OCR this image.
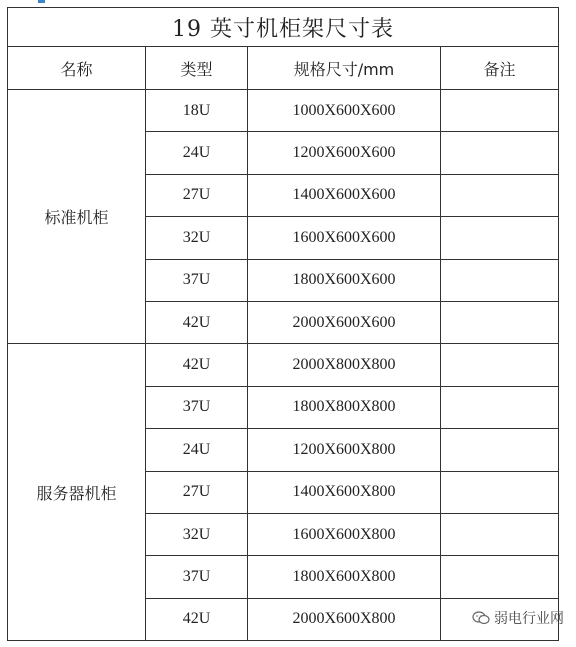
19 英寸机柜架尺寸表			
名称	类型	规格尺寸/mm	备注
标准机柜	18U	1000X600X600	
	24U	1200X600X600	
	27U	1400X600X600	
	32U	1600X600X600	
	37U	1800X600X600	
	42U	2000X600X600	
服务器机柜	42U	2000X800X800	
	37U	1800X800X800	
	24U	1200X600X800	
	27U	1400X600X800	
	32U	1600X600X800	
	37U	1800X600X800	
	42U	2000X600X800		弱电行业网
